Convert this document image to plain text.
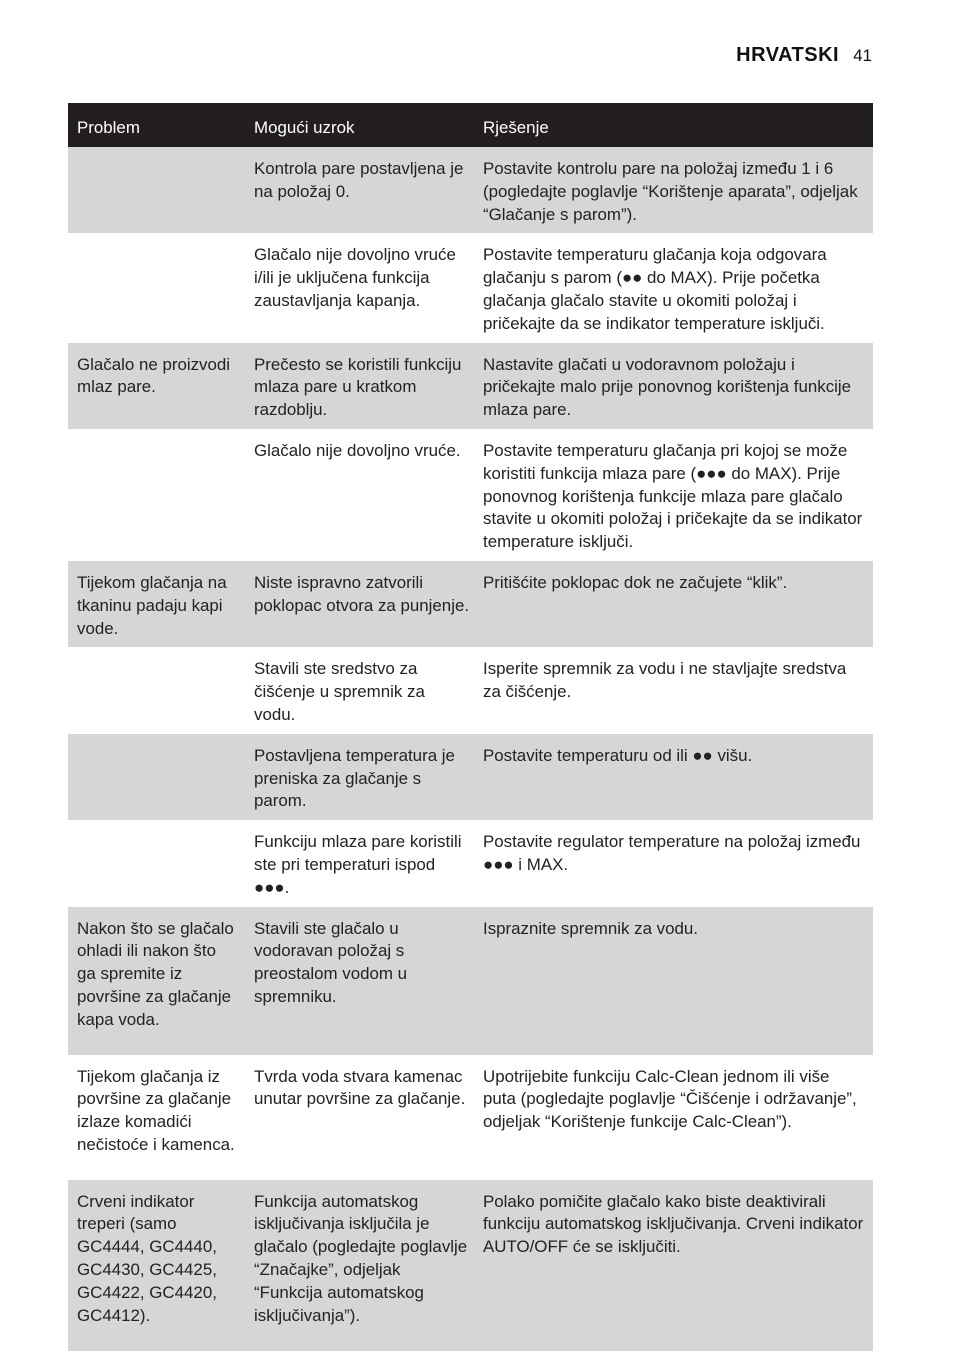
HRVATSKI 41
Problem	Mogući uzrok	Rješenje
	Kontrola pare postavljena je na položaj 0.	Postavite kontrolu pare na položaj između 1 i 6 (pogledajte poglavlje “Korištenje aparata”, odjeljak “Glačanje s parom”).
	Glačalo nije dovoljno vruće i/ili je uključena funkcija zaustavljanja kapanja.	Postavite temperaturu glačanja koja odgovara glačanju s parom (●● do MAX). Prije početka glačanja glačalo stavite u okomiti položaj i pričekajte da se indikator temperature isključi.
Glačalo ne proizvodi mlaz pare.	Prečesto se koristili funkciju mlaza pare u kratkom razdoblju.	Nastavite glačati u vodoravnom položaju i pričekajte malo prije ponovnog korištenja funkcije mlaza pare.
	Glačalo nije dovoljno vruće.	Postavite temperaturu glačanja pri kojoj se može koristiti funkcija mlaza pare (●●● do MAX). Prije ponovnog korištenja funkcije mlaza pare glačalo stavite u okomiti položaj i pričekajte da se indikator temperature isključi.
Tijekom glačanja na tkaninu padaju kapi vode.	Niste ispravno zatvorili poklopac otvora za punjenje.	Pritišćite poklopac dok ne začujete “klik”.
	Stavili ste sredstvo za čišćenje u spremnik za vodu.	Isperite spremnik za vodu i ne stavljajte sredstva za čišćenje.
	Postavljena temperatura je preniska za glačanje s parom.	Postavite temperaturu od ili ●● višu.
	Funkciju mlaza pare koristili ste pri temperaturi ispod ●●●.	Postavite regulator temperature na položaj između ●●● i MAX.
Nakon što se glačalo ohladi ili nakon što ga spremite iz površine za glačanje kapa voda.	Stavili ste glačalo u vodoravan položaj s preostalom vodom u spremniku.	Ispraznite spremnik za vodu.
Tijekom glačanja iz površine za glačanje izlaze komadići nečistoće i kamenca.	Tvrda voda stvara kamenac unutar površine za glačanje.	Upotrijebite funkciju Calc-Clean jednom ili više puta (pogledajte poglavlje “Čišćenje i održavanje”, odjeljak “Korištenje funkcije Calc-Clean”).
Crveni indikator treperi (samo GC4444, GC4440, GC4430, GC4425, GC4422, GC4420, GC4412).	Funkcija automatskog isključivanja isključila je glačalo (pogledajte poglavlje “Značajke”, odjeljak “Funkcija automatskog isključivanja”).	Polako pomičite glačalo kako biste deaktivirali funkciju automatskog isključivanja. Crveni indikator AUTO/OFF će se isključiti.
